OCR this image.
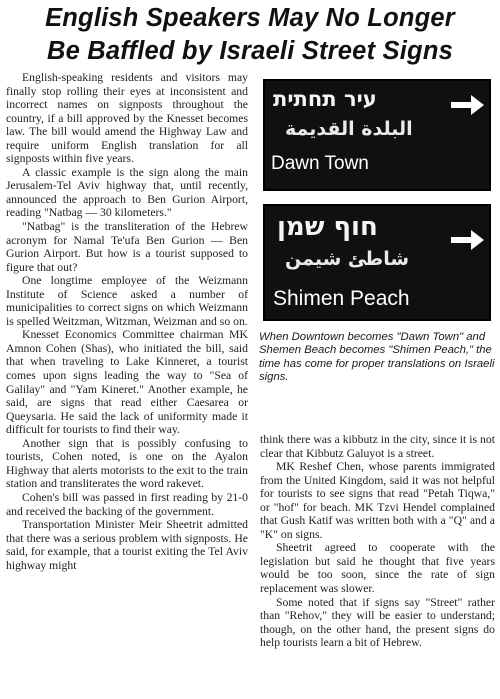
English Speakers May No Longer
Be Baffled by Israeli Street Signs

English-speaking residents and visitors may finally stop rolling their eyes at inconsistent and incorrect names on signposts throughout the country, if a bill approved by the Knesset becomes law. The bill would amend the Highway Law and require uniform English translation for all signposts within five years.

A classic example is the sign along the main Jerusalem-Tel Aviv highway that, until recently, announced the approach to Ben Gurion Airport, reading "Natbag — 30 kilometers."

"Natbag" is the transliteration of the Hebrew acronym for Namal Te'ufa Ben Gurion — Ben Gurion Airport. But how is a tourist supposed to figure that out?

One longtime employee of the Weizmann Institute of Science asked a number of municipalities to correct signs on which Weizmann is spelled Weitzman, Witzman, Weizman and so on.

Knesset Economics Committee chairman MK Amnon Cohen (Shas), who initiated the bill, said that when traveling to Lake Kinneret, a tourist comes upon signs leading the way to "Sea of Galilay" and "Yam Kineret." Another example, he said, are signs that read either Caesarea or Queysaria. He said the lack of uniformity made it difficult for tourists to find their way.

Another sign that is possibly confusing to tourists, Cohen noted, is one on the Ayalon Highway that alerts motorists to the exit to the train station and transliterates the word rakevet.

Cohen's bill was passed in first reading by 21-0 and received the backing of the government.

Transportation Minister Meir Sheetrit admitted that there was a serious problem with signposts. He said, for example, that a tourist exiting the Tel Aviv highway might

עיר תחתית
البلدة القديمة
Dawn Town
חוף שמן
شاطئ شيمن
Shimen Peach
When Downtown becomes "Dawn Town" and Shemen Beach becomes "Shimen Peach," the time has come for proper translations on Israeli signs.

think there was a kibbutz in the city, since it is not clear that Kibbutz Galuyot is a street.

MK Reshef Chen, whose parents immigrated from the United Kingdom, said it was not helpful for tourists to see signs that read "Petah Tiqwa," or "hof" for beach. MK Tzvi Hendel complained that Gush Katif was written both with a "Q" and a "K" on signs.

Sheetrit agreed to cooperate with the legislation but said he thought that five years would be too soon, since the rate of sign replacement was slower.

Some noted that if signs say "Street" rather than "Rehov," they will be easier to understand; though, on the other hand, the present signs do help tourists learn a bit of Hebrew.
